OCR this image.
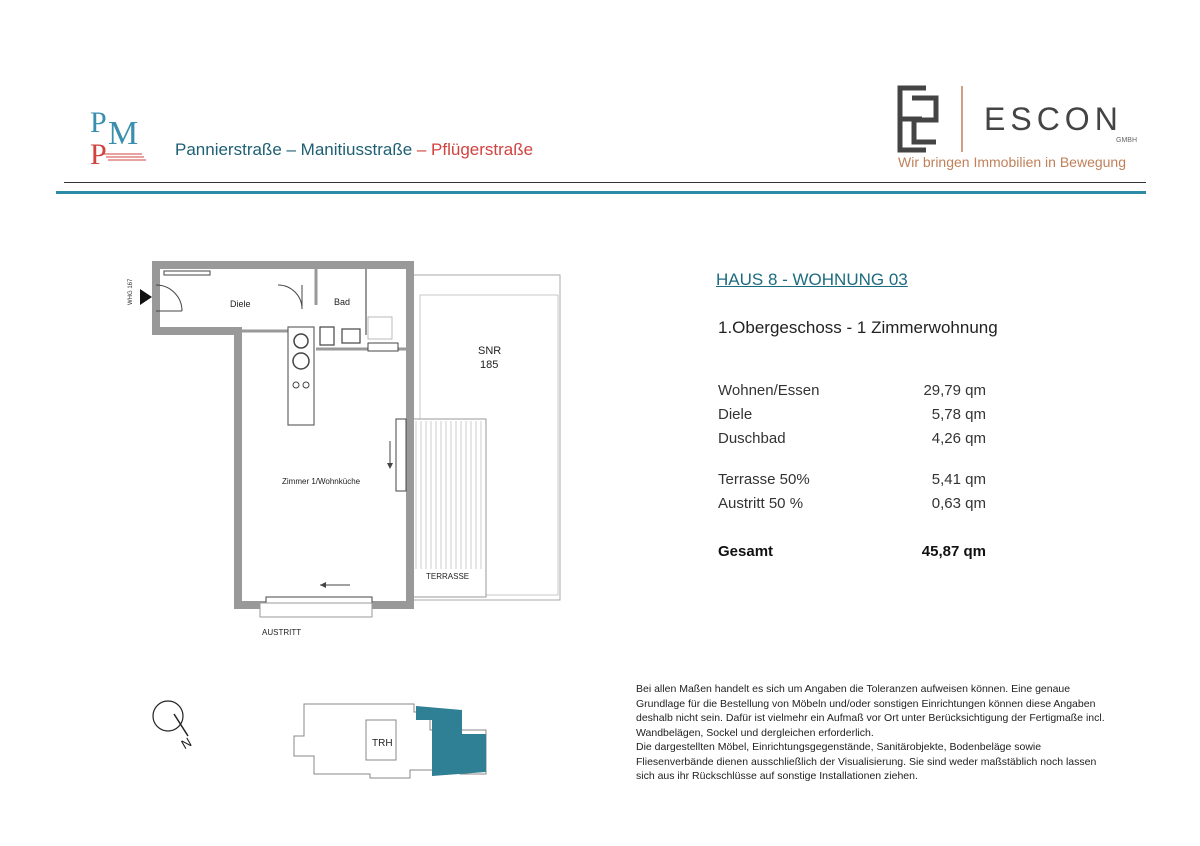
P M
P	Pannierstraße – Manitiusstraße – Pflügerstraße
ESCON
GMBH
Wir bringen Immobilien in Bewegung
WHG 167	Diele	Bad
Zimmer 1/Wohnküche
SNR
185
TERRASSE
AUSTRITT
HAUS 8 - WOHNUNG 03
1.Obergeschoss - 1 Zimmerwohnung
Wohnen/Essen	29,79 qm
Diele	5,78 qm
Duschbad	4,26 qm
Terrasse 50%	5,41 qm
Austritt 50 %	0,63 qm
Gesamt	45,87 qm
N	TRH

Bei allen Maßen handelt es sich um Angaben die Toleranzen aufweisen können. Eine genaue Grundlage für die Bestellung von Möbeln und/oder sonstigen Einrichtungen können diese Angaben deshalb nicht sein. Dafür ist vielmehr ein Aufmaß vor Ort unter Berücksichtigung der Fertigmaße incl. Wandbelägen, Sockel und dergleichen erforderlich.

Die dargestellten Möbel, Einrichtungsgegenstände, Sanitärobjekte, Bodenbeläge sowie Fliesenverbände dienen ausschließlich der Visualisierung. Sie sind weder maßstäblich noch lassen sich aus ihr Rückschlüsse auf sonstige Installationen ziehen.
